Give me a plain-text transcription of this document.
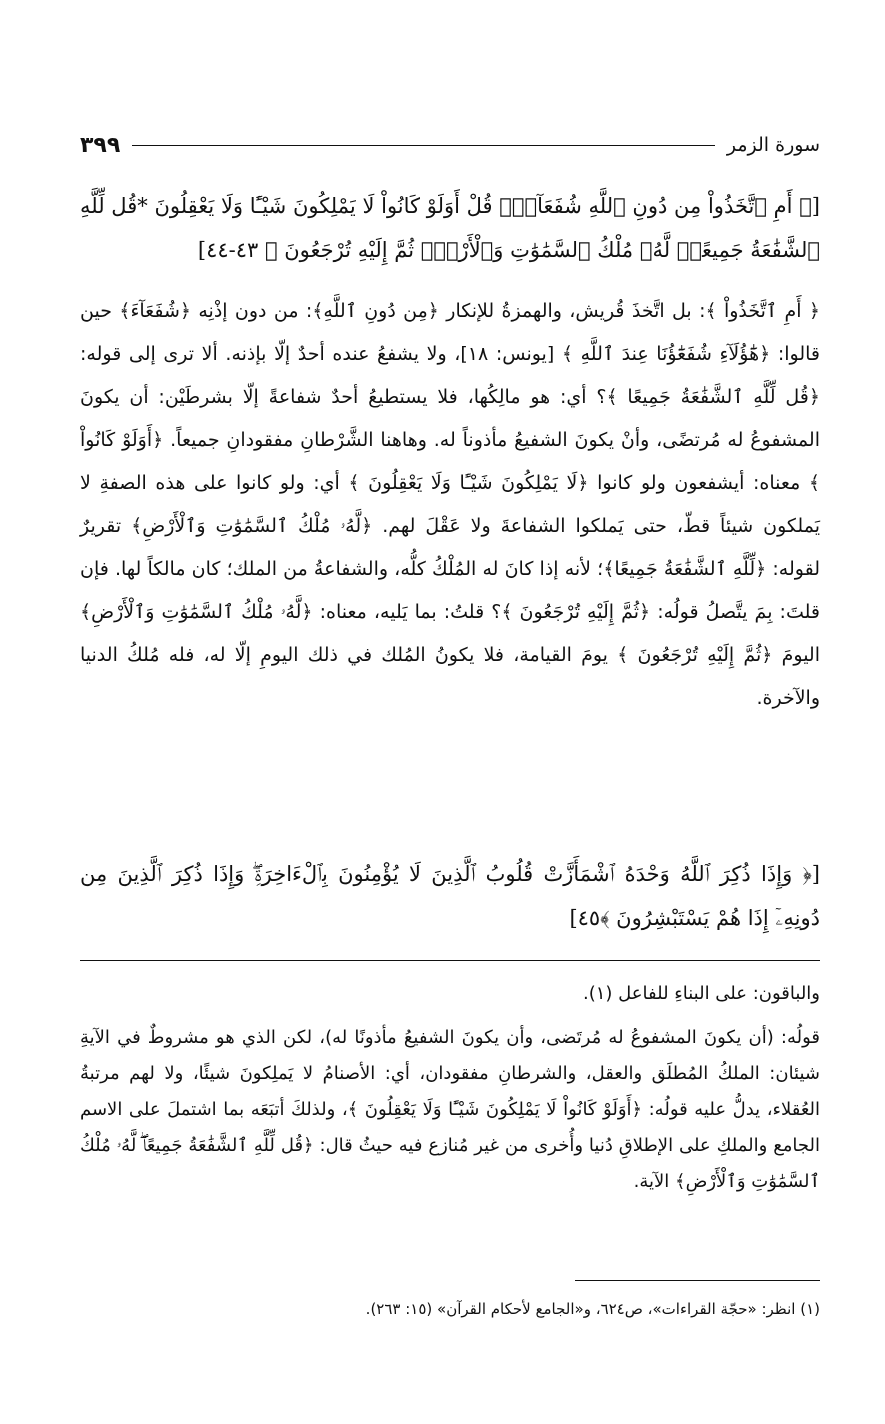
سورة الزمر
٣٩٩

[﴿ أَمِ ٱتَّخَذُواْ مِن دُونِ ٱللَّهِ شُفَعَآءَۚ قُلْ أَوَلَوْ كَانُواْ لَا يَمْلِكُونَ شَيْـًٔا وَلَا يَعْقِلُونَ *قُل لِّلَّهِ ٱلشَّفَٰعَةُ جَمِيعًاۖ لَّهُۥ مُلْكُ ٱلسَّمَٰوَٰتِ وَٱلْأَرْضِۖ ثُمَّ إِلَيْهِ تُرْجَعُونَ ﴾ ٤٣-٤٤]

﴿ أَمِ ٱتَّخَذُواْ ﴾: بل اتَّخذَ قُريش، والهمزةُ للإنكار ﴿مِن دُونِ ٱللَّهِ﴾: من دون إذْنِه ﴿شُفَعَآءَ﴾ حين قالوا: ﴿هَٰٓؤُلَآءِ شُفَعَٰٓؤُنَا عِندَ ٱللَّهِ ﴾ [يونس: ١٨]، ولا يشفعُ عنده أحدٌ إلّا بإذنه. ألا ترى إلى قوله: ﴿قُل لِّلَّهِ ٱلشَّفَٰعَةُ جَمِيعًا ﴾؟ أي: هو مالِكُها، فلا يستطيعُ أحدٌ شفاعةً إلّا بشرطَيْن: أن يكونَ المشفوعُ له مُرتضًى، وأنْ يكونَ الشفيعُ مأذوناً له. وهاهنا الشَّرْطانِ مفقودانِ جميعاً. ﴿أَوَلَوْ كَانُواْ ﴾ معناه: أيشفعون ولو كانوا ﴿لَا يَمْلِكُونَ شَيْـًٔا وَلَا يَعْقِلُونَ ﴾ أي: ولو كانوا على هذه الصفةِ لا يَملكون شيئاً قطّ، حتى يَملكوا الشفاعةَ ولا عَقْلَ لهم. ﴿لَّهُۥ مُلْكُ ٱلسَّمَٰوَٰتِ وَٱلْأَرْضِ﴾ تقريرٌ لقوله: ﴿لِّلَّهِ ٱلشَّفَٰعَةُ جَمِيعًا﴾؛ لأنه إذا كانَ له المُلْكُ كلُّه، والشفاعةُ من الملك؛ كان مالكاً لها. فإن قلتَ: بِمَ يتَّصلُ قولُه: ﴿ثُمَّ إِلَيْهِ تُرْجَعُونَ ﴾؟ قلتُ: بما يَليه، معناه: ﴿لَّهُۥ مُلْكُ ٱلسَّمَٰوَٰتِ وَٱلْأَرْضِ﴾ اليومَ ﴿ثُمَّ إِلَيْهِ تُرْجَعُونَ ﴾ يومَ القيامة، فلا يكونُ المُلك في ذلك اليومِ إلّا له، فله مُلكُ الدنيا والآخرة.

[﴿ وَإِذَا ذُكِرَ ٱللَّهُ وَحْدَهُ ٱشْمَأَزَّتْ قُلُوبُ ٱلَّذِينَ لَا يُؤْمِنُونَ بِٱلْءَاخِرَةِۖ وَإِذَا ذُكِرَ ٱلَّذِينَ مِن دُونِهِۦٓ إِذَا هُمْ يَسْتَبْشِرُونَ ﴾٤٥]

والباقون: على البناءِ للفاعل (١).

قولُه: (أن يكونَ المشفوعُ له مُرتَضى، وأن يكونَ الشفيعُ مأذونًا له)، لكن الذي هو مشروطٌ في الآيةِ شيئان: الملكُ المُطلَق والعقل، والشرطانِ مفقودان، أي: الأصنامُ لا يَملِكونَ شيئًا، ولا لهم مرتبةُ العُقلاء، يدلُّ عليه قولُه: ﴿أَوَلَوْ كَانُواْ لَا يَمْلِكُونَ شَيْـًٔا وَلَا يَعْقِلُونَ ﴾، ولذلكَ أتبَعَه بما اشتملَ على الاسم الجامع والملكِ على الإطلاقِ دُنيا وأُخرى من غير مُنازع فيه حيثُ قال: ﴿قُل لِّلَّهِ ٱلشَّفَٰعَةُ جَمِيعًاۖ لَّهُۥ مُلْكُ ٱلسَّمَٰوَٰتِ وَٱلْأَرْضِ﴾ الآية.

(١) انظر: «حجّة القراءات»، ص٦٢٤، و«الجامع لأحكام القرآن» (١٥: ٢٦٣).
